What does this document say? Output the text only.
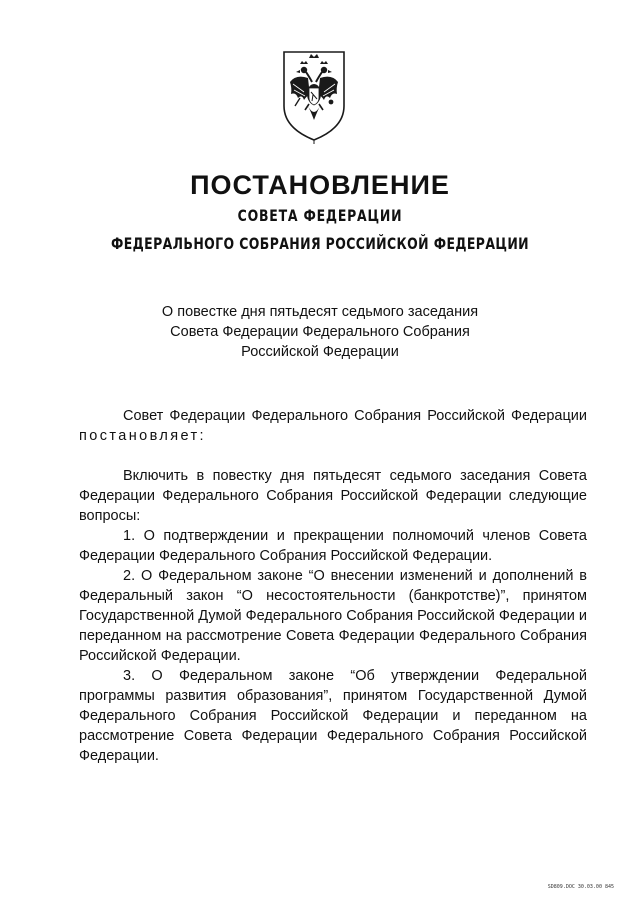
ПОСТАНОВЛЕНИЕ
СОВЕТА ФЕДЕРАЦИИ
ФЕДЕРАЛЬНОГО СОБРАНИЯ РОССИЙСКОЙ ФЕДЕРАЦИИ
О повестке дня пятьдесят седьмого заседания
Совета Федерации Федерального Собрания
Российской Федерации

Совет Федерации Федерального Собрания Российской Федерации постановляет:

Включить в повестку дня пятьдесят седьмого заседания Совета Федерации Федерального Собрания Российской Федерации следующие вопросы:

1. О подтверждении и прекращении полномочий членов Совета Федерации Федерального Собрания Российской Федерации.

2. О Федеральном законе “О внесении изменений и дополнений в Федеральный закон “О несостоятельности (банкротстве)”, принятом Государственной Думой Федерального Собрания Российской Федерации и переданном на рассмотрение Совета Федерации Федерального Собрания Российской Федерации.

3. О Федеральном законе “Об утверждении Федеральной программы развития образования”, принятом Государственной Думой Федерального Собрания Российской Федерации и переданном на рассмотрение Совета Федерации Федерального Собрания Российской Федерации.

SD809.DOC 30.03.00 845
